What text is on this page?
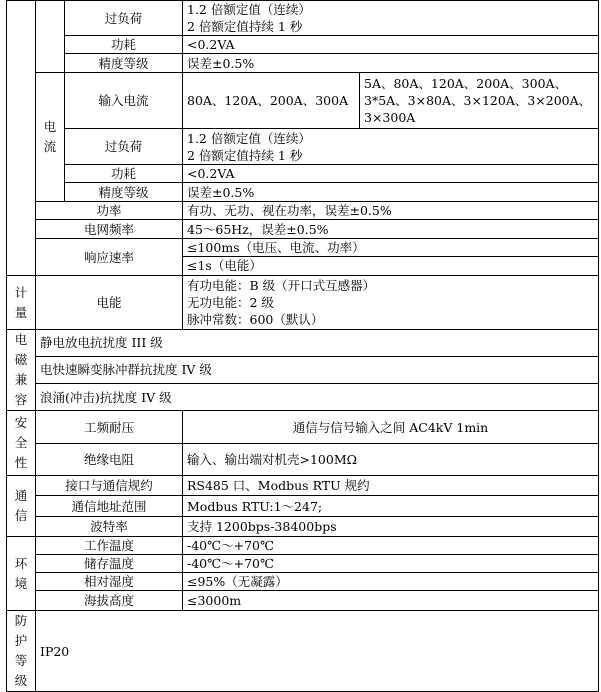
		过负荷	1.2 倍额定值（连续）
2 倍额定值持续 1 秒	
		功耗	<0.2VA	
		精度等级	误差±0.5%	

	电流	输入电流	80A、120A、200A、300A	5A、80A、120A、200A、300A、3*5A、3×80A、3×120A、3×200A、3×300A
		过负荷	1.2 倍额定值（连续）
2 倍额定值持续 1 秒	
		功耗	<0.2VA	
		精度等级	误差±0.5%	
	功率		有功、无功、视在功率，误差±0.5%	
	电网频率		45～65Hz，误差±0.5%	
	响应速率		≤100ms（电压、电流、功率）
≤1s（电能）	

计量	电能		有功电能：B 级（开口式互感器）
无功电能：2 级
脉冲常数：600（默认）	

电磁兼容	静电放电抗扰度 III 级			
	电快速瞬变脉冲群抗扰度 IV 级			
	浪涌(冲击)抗扰度 IV 级			

安全性	工频耐压		通信与信号输入之间 AC4kV 1min	
	绝缘电阻		输入、输出端对机壳>100MΩ	

通信	接口与通信规约		RS485 口、Modbus RTU 规约	
	通信地址范围		Modbus RTU:1～247;	
	波特率		支持 1200bps-38400bps	

环境	工作温度		-40℃～+70℃	
	储存温度		-40℃～+70℃	
	相对湿度		≤95%（无凝露）	
	海拔高度		≤3000m	

防护等级	IP20			
